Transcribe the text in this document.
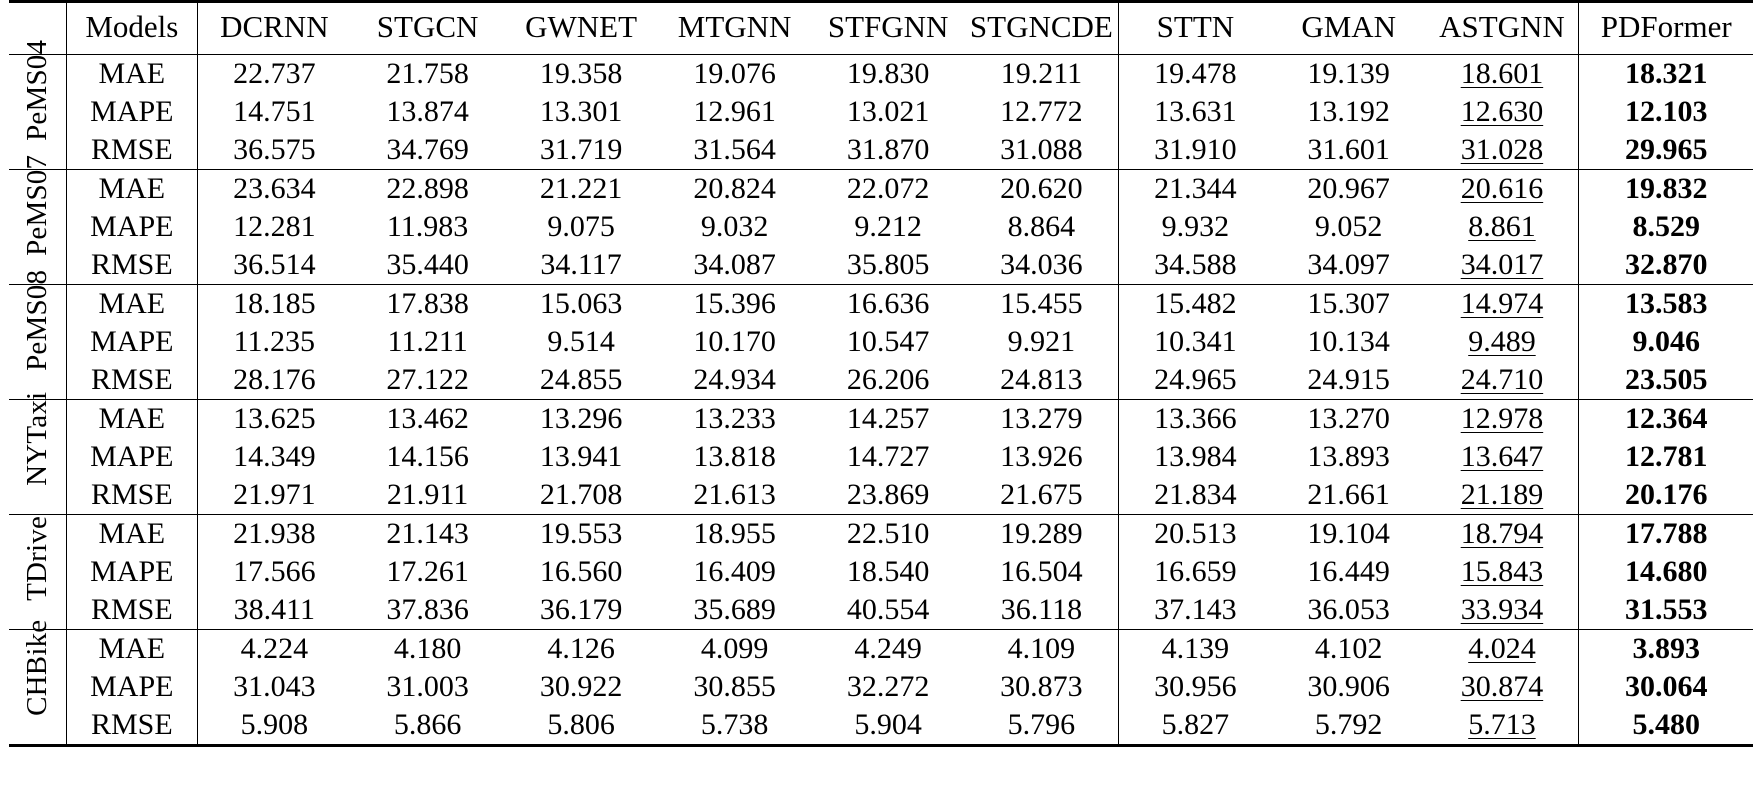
	Models	DCRNN	STGCN	GWNET	MTGNN	STFGNN	STGNCDE	STTN	GMAN	ASTGNN	PDFormer

PeMS04	MAE	22.737	21.758	19.358	19.076	19.830	19.211	19.478	19.139	18.601	18.321
	MAPE	14.751	13.874	13.301	12.961	13.021	12.772	13.631	13.192	12.630	12.103
	RMSE	36.575	34.769	31.719	31.564	31.870	31.088	31.910	31.601	31.028	29.965

PeMS07	MAE	23.634	22.898	21.221	20.824	22.072	20.620	21.344	20.967	20.616	19.832
	MAPE	12.281	11.983	9.075	9.032	9.212	8.864	9.932	9.052	8.861	8.529
	RMSE	36.514	35.440	34.117	34.087	35.805	34.036	34.588	34.097	34.017	32.870

PeMS08	MAE	18.185	17.838	15.063	15.396	16.636	15.455	15.482	15.307	14.974	13.583
	MAPE	11.235	11.211	9.514	10.170	10.547	9.921	10.341	10.134	9.489	9.046
	RMSE	28.176	27.122	24.855	24.934	26.206	24.813	24.965	24.915	24.710	23.505

NYTaxi	MAE	13.625	13.462	13.296	13.233	14.257	13.279	13.366	13.270	12.978	12.364
	MAPE	14.349	14.156	13.941	13.818	14.727	13.926	13.984	13.893	13.647	12.781
	RMSE	21.971	21.911	21.708	21.613	23.869	21.675	21.834	21.661	21.189	20.176

TDrive	MAE	21.938	21.143	19.553	18.955	22.510	19.289	20.513	19.104	18.794	17.788
	MAPE	17.566	17.261	16.560	16.409	18.540	16.504	16.659	16.449	15.843	14.680
	RMSE	38.411	37.836	36.179	35.689	40.554	36.118	37.143	36.053	33.934	31.553

CHBike	MAE	4.224	4.180	4.126	4.099	4.249	4.109	4.139	4.102	4.024	3.893
	MAPE	31.043	31.003	30.922	30.855	32.272	30.873	30.956	30.906	30.874	30.064
	RMSE	5.908	5.866	5.806	5.738	5.904	5.796	5.827	5.792	5.713	5.480
